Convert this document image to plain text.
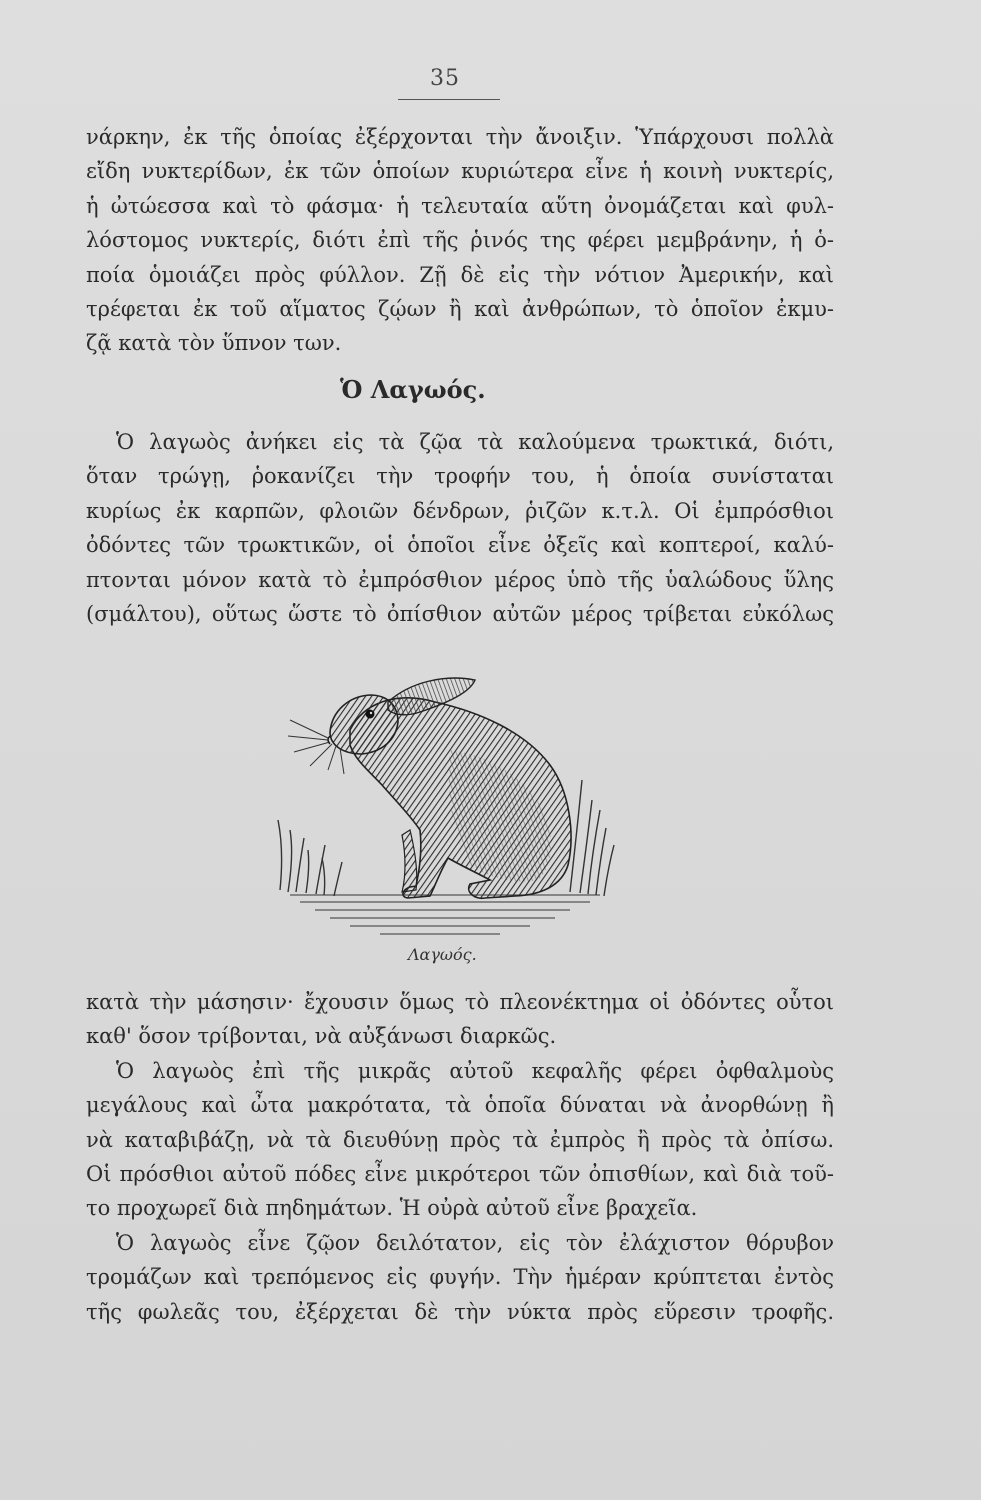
35
νάρκην, ἐκ τῆς ὁποίας ἐξέρχονται τὴν ἄνοιξιν. Ὑπάρχουσι πολλὰ
εἴδη νυκτερίδων, ἐκ τῶν ὁποίων κυριώτερα εἶνε ἡ κοινὴ νυκτερίς,
ἡ ὠτώεσσα καὶ τὸ φάσμα· ἡ τελευταία αὕτη ὀνομάζεται καὶ φυλ-
λόστομος νυκτερίς, διότι ἐπὶ τῆς ῥινός της φέρει μεμβράνην, ἡ ὁ-
ποία ὁμοιάζει πρὸς φύλλον. Ζῇ δὲ εἰς τὴν νότιον Ἀμερικήν, καὶ
τρέφεται ἐκ τοῦ αἵματος ζῴων ἢ καὶ ἀνθρώπων, τὸ ὁποῖον ἐκμυ-
ζᾷ κατὰ τὸν ὕπνον των.
Ὁ Λαγωός.
Ὁ λαγωὸς ἀνήκει εἰς τὰ ζῷα τὰ καλούμενα τρωκτικά, διότι,
ὅταν τρώγῃ, ῥοκανίζει τὴν τροφήν του, ἡ ὁποία συνίσταται
κυρίως ἐκ καρπῶν, φλοιῶν δένδρων, ῥιζῶν κ.τ.λ. Οἱ ἐμπρόσθιοι
ὀδόντες τῶν τρωκτικῶν, οἱ ὁποῖοι εἶνε ὀξεῖς καὶ κοπτεροί, καλύ-
πτονται μόνον κατὰ τὸ ἐμπρόσθιον μέρος ὑπὸ τῆς ὑαλώδους ὕλης
(σμάλτου), οὕτως ὥστε τὸ ὀπίσθιον αὐτῶν μέρος τρίβεται εὐκόλως
Λαγωός.
κατὰ τὴν μάσησιν· ἔχουσιν ὅμως τὸ πλεονέκτημα οἱ ὀδόντες οὗτοι
καθ' ὅσον τρίβονται, νὰ αὐξάνωσι διαρκῶς.
Ὁ λαγωὸς ἐπὶ τῆς μικρᾶς αὐτοῦ κεφαλῆς φέρει ὀφθαλμοὺς
μεγάλους καὶ ὦτα μακρότατα, τὰ ὁποῖα δύναται νὰ ἀνορθώνῃ ἢ
νὰ καταβιβάζῃ, νὰ τὰ διευθύνῃ πρὸς τὰ ἐμπρὸς ἢ πρὸς τὰ ὀπίσω.
Οἱ πρόσθιοι αὐτοῦ πόδες εἶνε μικρότεροι τῶν ὀπισθίων, καὶ διὰ τοῦ-
το προχωρεῖ διὰ πηδημάτων. Ἡ οὐρὰ αὐτοῦ εἶνε βραχεῖα.
Ὁ λαγωὸς εἶνε ζῷον δειλότατον, εἰς τὸν ἐλάχιστον θόρυβον
τρομάζων καὶ τρεπόμενος εἰς φυγήν. Τὴν ἡμέραν κρύπτεται ἐντὸς
τῆς φωλεᾶς του, ἐξέρχεται δὲ τὴν νύκτα πρὸς εὕρεσιν τροφῆς.
